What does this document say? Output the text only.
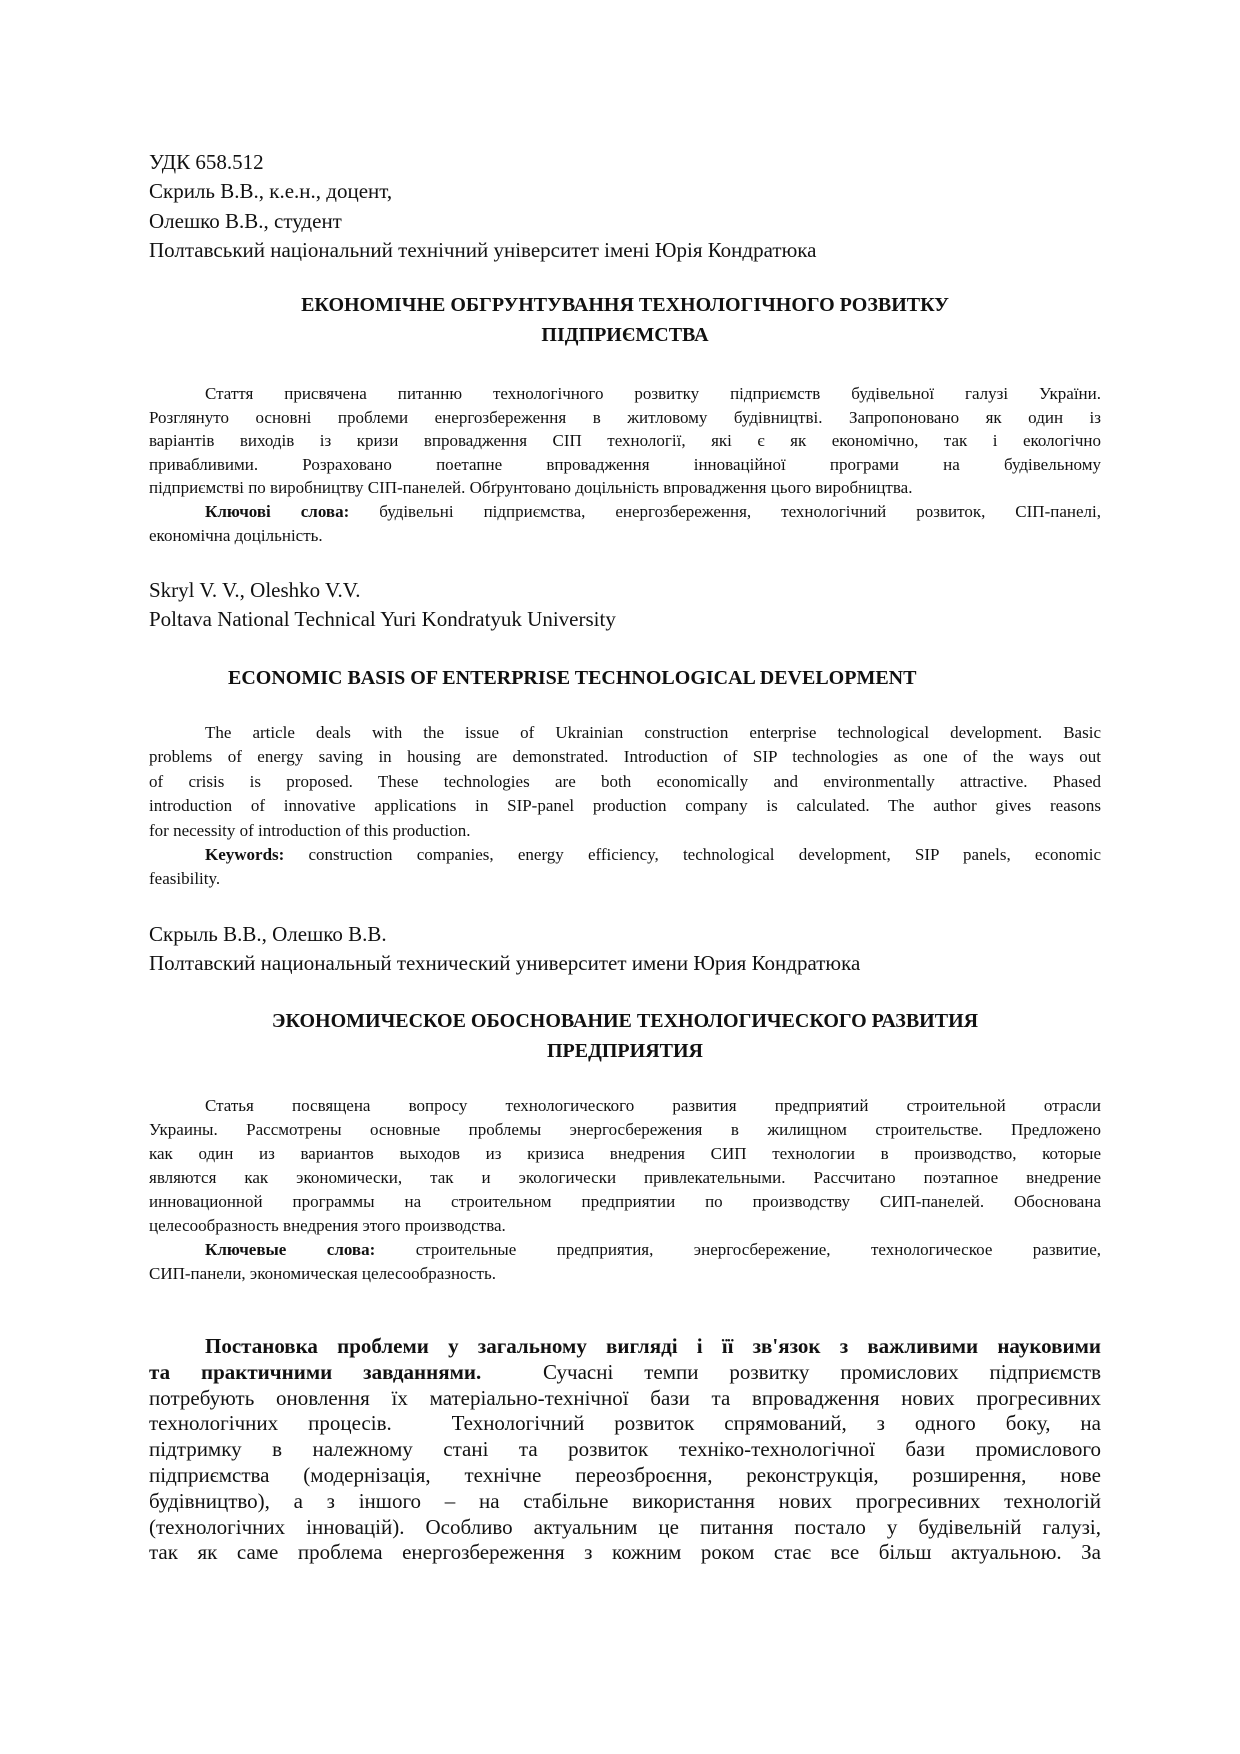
УДК 658.512
Скриль В.В., к.е.н., доцент,
Олешко В.В., студент
Полтавський національний технічний університет імені Юрія Кондратюка
ЕКОНОМІЧНЕ ОБГРУНТУВАННЯ ТЕХНОЛОГІЧНОГО РОЗВИТКУ
ПІДПРИЄМСТВА
Стаття присвячена питанню технологічного розвитку підприємств будівельної галузі України.
Розглянуто основні проблеми енергозбереження в житловому будівництві. Запропоновано як один із
варіантів виходів із кризи впровадження СІП технології, які є як економічно, так і екологічно
привабливими. Розраховано поетапне впровадження інноваційної програми на будівельному
підприємстві по виробництву СІП-панелей. Обґрунтовано доцільність впровадження цього виробництва.
Ключові слова: будівельні підприємства, енергозбереження, технологічний розвиток, СІП-панелі,
економічна доцільність.
Skryl V. V., Oleshko V.V.
Poltava National Technical Yuri Kondratyuk University
ECONOMIC BASIS OF ENTERPRISE TECHNOLOGICAL DEVELOPMENT
The article deals with the issue of Ukrainian construction enterprise technological development. Basic
problems of energy saving in housing are demonstrated. Introduction of SIP technologies as one of the ways out
of crisis is proposed. These technologies are both economically and environmentally attractive. Phased
introduction of innovative applications in SIP-panel production company is calculated. The author gives reasons
for necessity of introduction of this production.
Keywords: construction companies, energy efficiency, technological development, SIP panels, economic
feasibility.
Скрыль В.В., Олешко В.В.
Полтавский национальный технический университет имени Юрия Кондратюка
ЭКОНОМИЧЕСКОЕ ОБОСНОВАНИЕ ТЕХНОЛОГИЧЕСКОГО РАЗВИТИЯ
ПРЕДПРИЯТИЯ
Статья посвящена вопросу технологического развития предприятий строительной отрасли
Украины. Рассмотрены основные проблемы энергосбережения в жилищном строительстве. Предложено
как один из вариантов выходов из кризиса внедрения СИП технологии в производство, которые
являются как экономически, так и экологически привлекательными. Рассчитано поэтапное внедрение
инновационной программы на строительном предприятии по производству СИП-панелей. Обоснована
целесообразность внедрения этого производства.
Ключевые слова: строительные предприятия, энергосбережение, технологическое развитие,
СИП-панели, экономическая целесообразность.
Постановка проблеми у загальному вигляді і її зв'язок з важливими науковими
та практичними завданнями.  Сучасні темпи розвитку промислових підприємств
потребують оновлення їх матеріально-технічної бази та впровадження нових прогресивних
технологічних процесів.  Технологічний розвиток спрямований, з одного боку, на
підтримку в належному стані та розвиток техніко-технологічної бази промислового
підприємства (модернізація, технічне переозброєння, реконструкція, розширення, нове
будівництво), а з іншого – на стабільне використання нових прогресивних технологій
(технологічних інновацій). Особливо актуальним це питання постало у будівельній галузі,
так як саме проблема енергозбереження з кожним роком стає все більш актуальною. За
